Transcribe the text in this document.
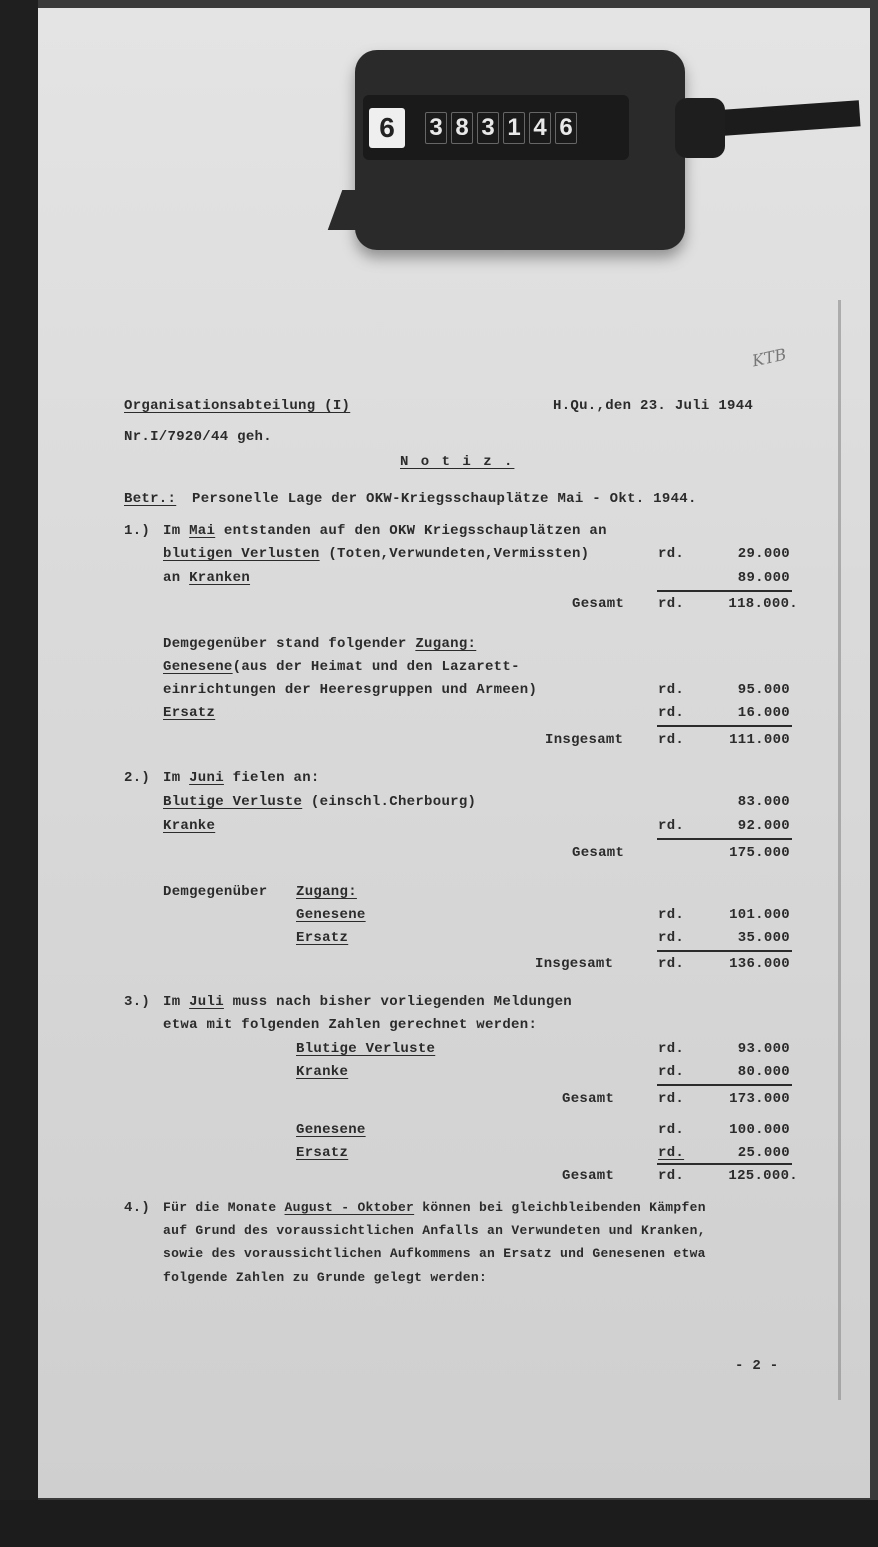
6	3 8 3 1 4 6
KTB
Organisationsabteilung (I)	H.Qu.,den 23. Juli 1944
Nr.I/7920/44 geh.
N o t i z .
Betr.: Personelle Lage der OKW-Kriegsschauplätze Mai - Okt. 1944.
1.) Im Mai entstanden auf den OKW Kriegsschauplätzen an
blutigen Verlusten (Toten,Verwundeten,Vermissten)	rd.	29.000
an Kranken	89.000
Gesamt rd.	118.000.
Demgegenüber stand folgender Zugang:
Genesene(aus der Heimat und den Lazarett-
einrichtungen der Heeresgruppen und Armeen)	rd.	95.000
Ersatz	rd.	16.000
Insgesamt rd.	111.000
2.) Im Juni fielen an:
Blutige Verluste (einschl.Cherbourg)	83.000
Kranke	rd.	92.000
Gesamt	175.000
Demgegenüber Zugang:
Genesene	rd.	101.000
Ersatz	rd.	35.000
Insgesamt	rd.	136.000
3.) Im Juli muss nach bisher vorliegenden Meldungen
etwa mit folgenden Zahlen gerechnet werden:
Blutige Verluste	rd.	93.000
Kranke	rd.	80.000
Gesamt	rd.	173.000
Genesene	rd.	100.000
Ersatz	rd.	25.000
Gesamt	rd.	125.000.
4.) Für die Monate August - Oktober können bei gleichbleibenden Kämpfen
auf Grund des voraussichtlichen Anfalls an Verwundeten und Kranken,
sowie des voraussichtlichen Aufkommens an Ersatz und Genesenen etwa
folgende Zahlen zu Grunde gelegt werden:
- 2 -
